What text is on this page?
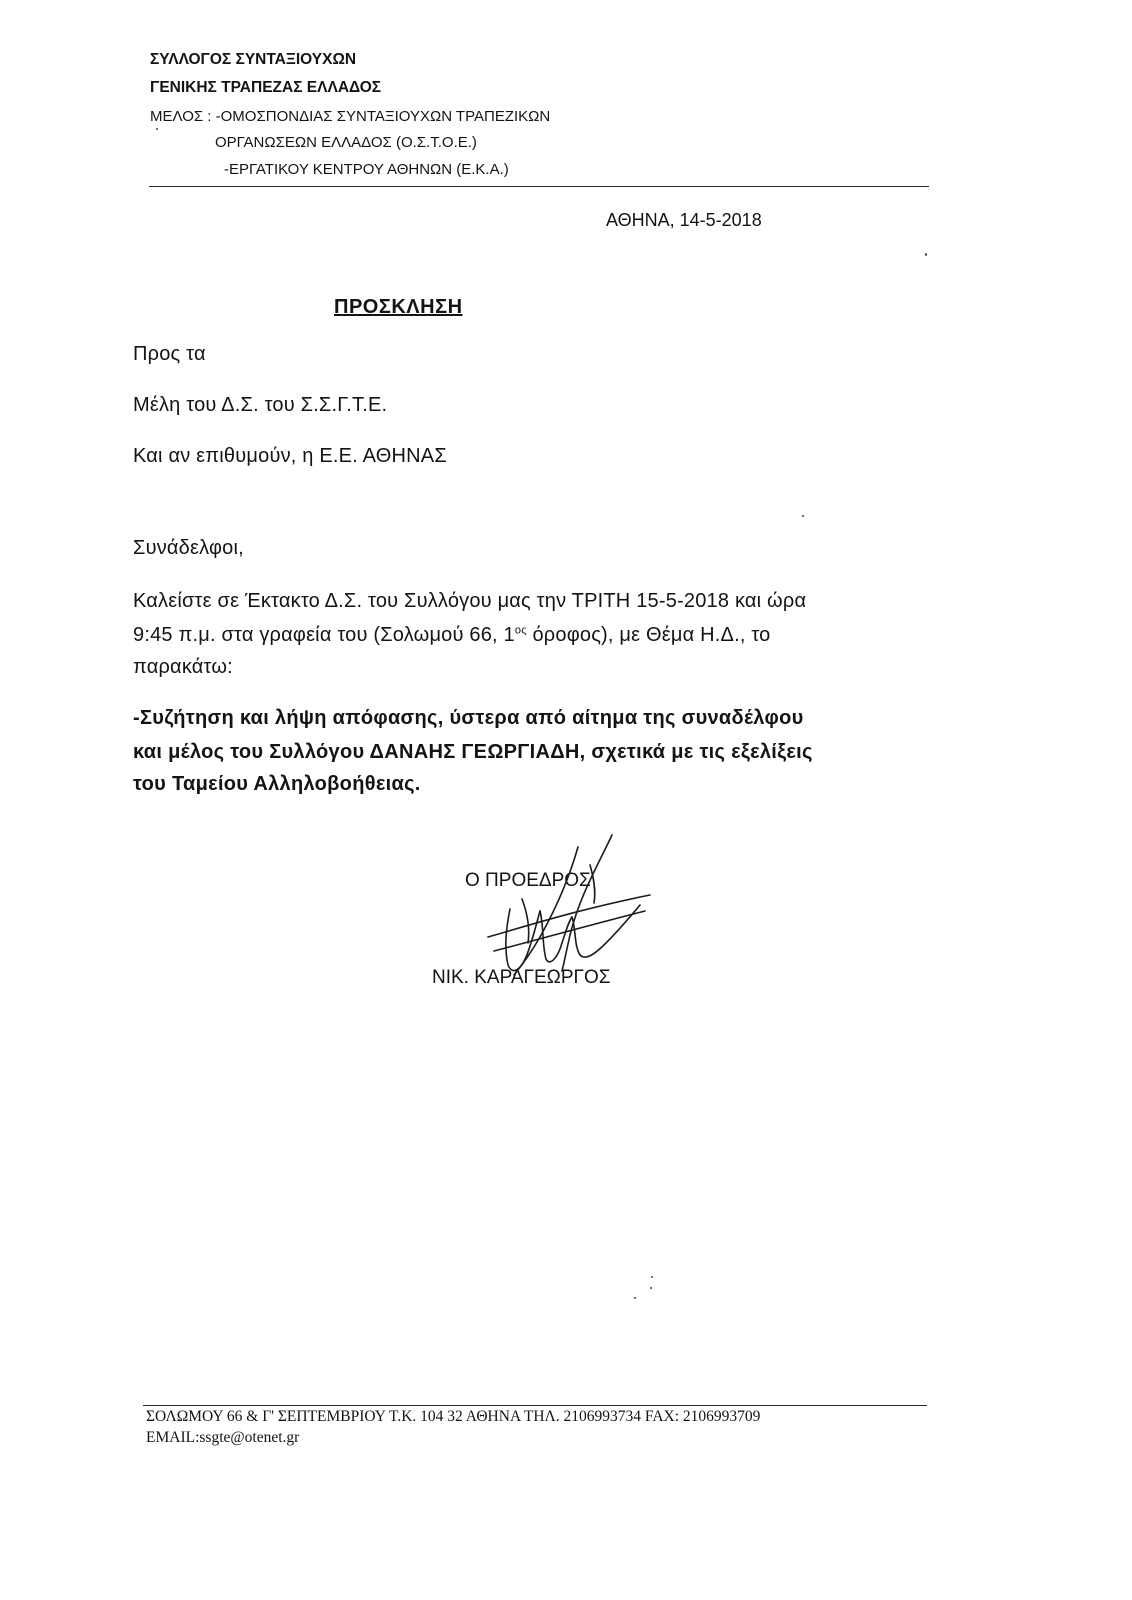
ΣΥΛΛΟΓΟΣ ΣΥΝΤΑΞΙΟΥΧΩΝ
ΓΕΝΙΚΗΣ ΤΡΑΠΕΖΑΣ ΕΛΛΑΔΟΣ
ΜΕΛΟΣ : -ΟΜΟΣΠΟΝΔΙΑΣ ΣΥΝΤΑΞΙΟΥΧΩΝ ΤΡΑΠΕΖΙΚΩΝ
ΟΡΓΑΝΩΣΕΩΝ ΕΛΛΑΔΟΣ (Ο.Σ.Τ.Ο.Ε.)
-ΕΡΓΑΤΙΚΟΥ ΚΕΝΤΡΟΥ ΑΘΗΝΩΝ (Ε.Κ.Α.)
ΑΘΗΝΑ, 14-5-2018
ΠΡΟΣΚΛΗΣΗ
Προς τα
Μέλη του Δ.Σ. του Σ.Σ.Γ.Τ.Ε.
Και αν επιθυμούν, η Ε.Ε. ΑΘΗΝΑΣ
Συνάδελφοι,
Καλείστε σε Έκτακτο Δ.Σ. του Συλλόγου μας την ΤΡΙΤΗ 15-5-2018 και ώρα
9:45 π.μ. στα γραφεία του (Σολωμού 66, $1^{o\varsigma}$ όροφος), με Θέμα Η.Δ., το
παρακάτω:
-Συζήτηση και λήψη απόφασης, ύστερα από αίτημα της συναδέλφου
και μέλος του Συλλόγου ΔΑΝΑΗΣ ΓΕΩΡΓΙΑΔΗ, σχετικά με τις εξελίξεις
του Ταμείου Αλληλοβοήθειας.
Ο ΠΡΟΕΔΡΟΣ
ΝΙΚ. ΚΑΡΑΓΕΩΡΓΟΣ
ΣΟΛΩΜΟΥ 66 & Γ' ΣΕΠΤΕΜΒΡΙΟΥ Τ.Κ. 104 32 ΑΘΗΝΑ ΤΗΛ. 2106993734 FAX: 2106993709
EMAIL:ssgte@otenet.gr
